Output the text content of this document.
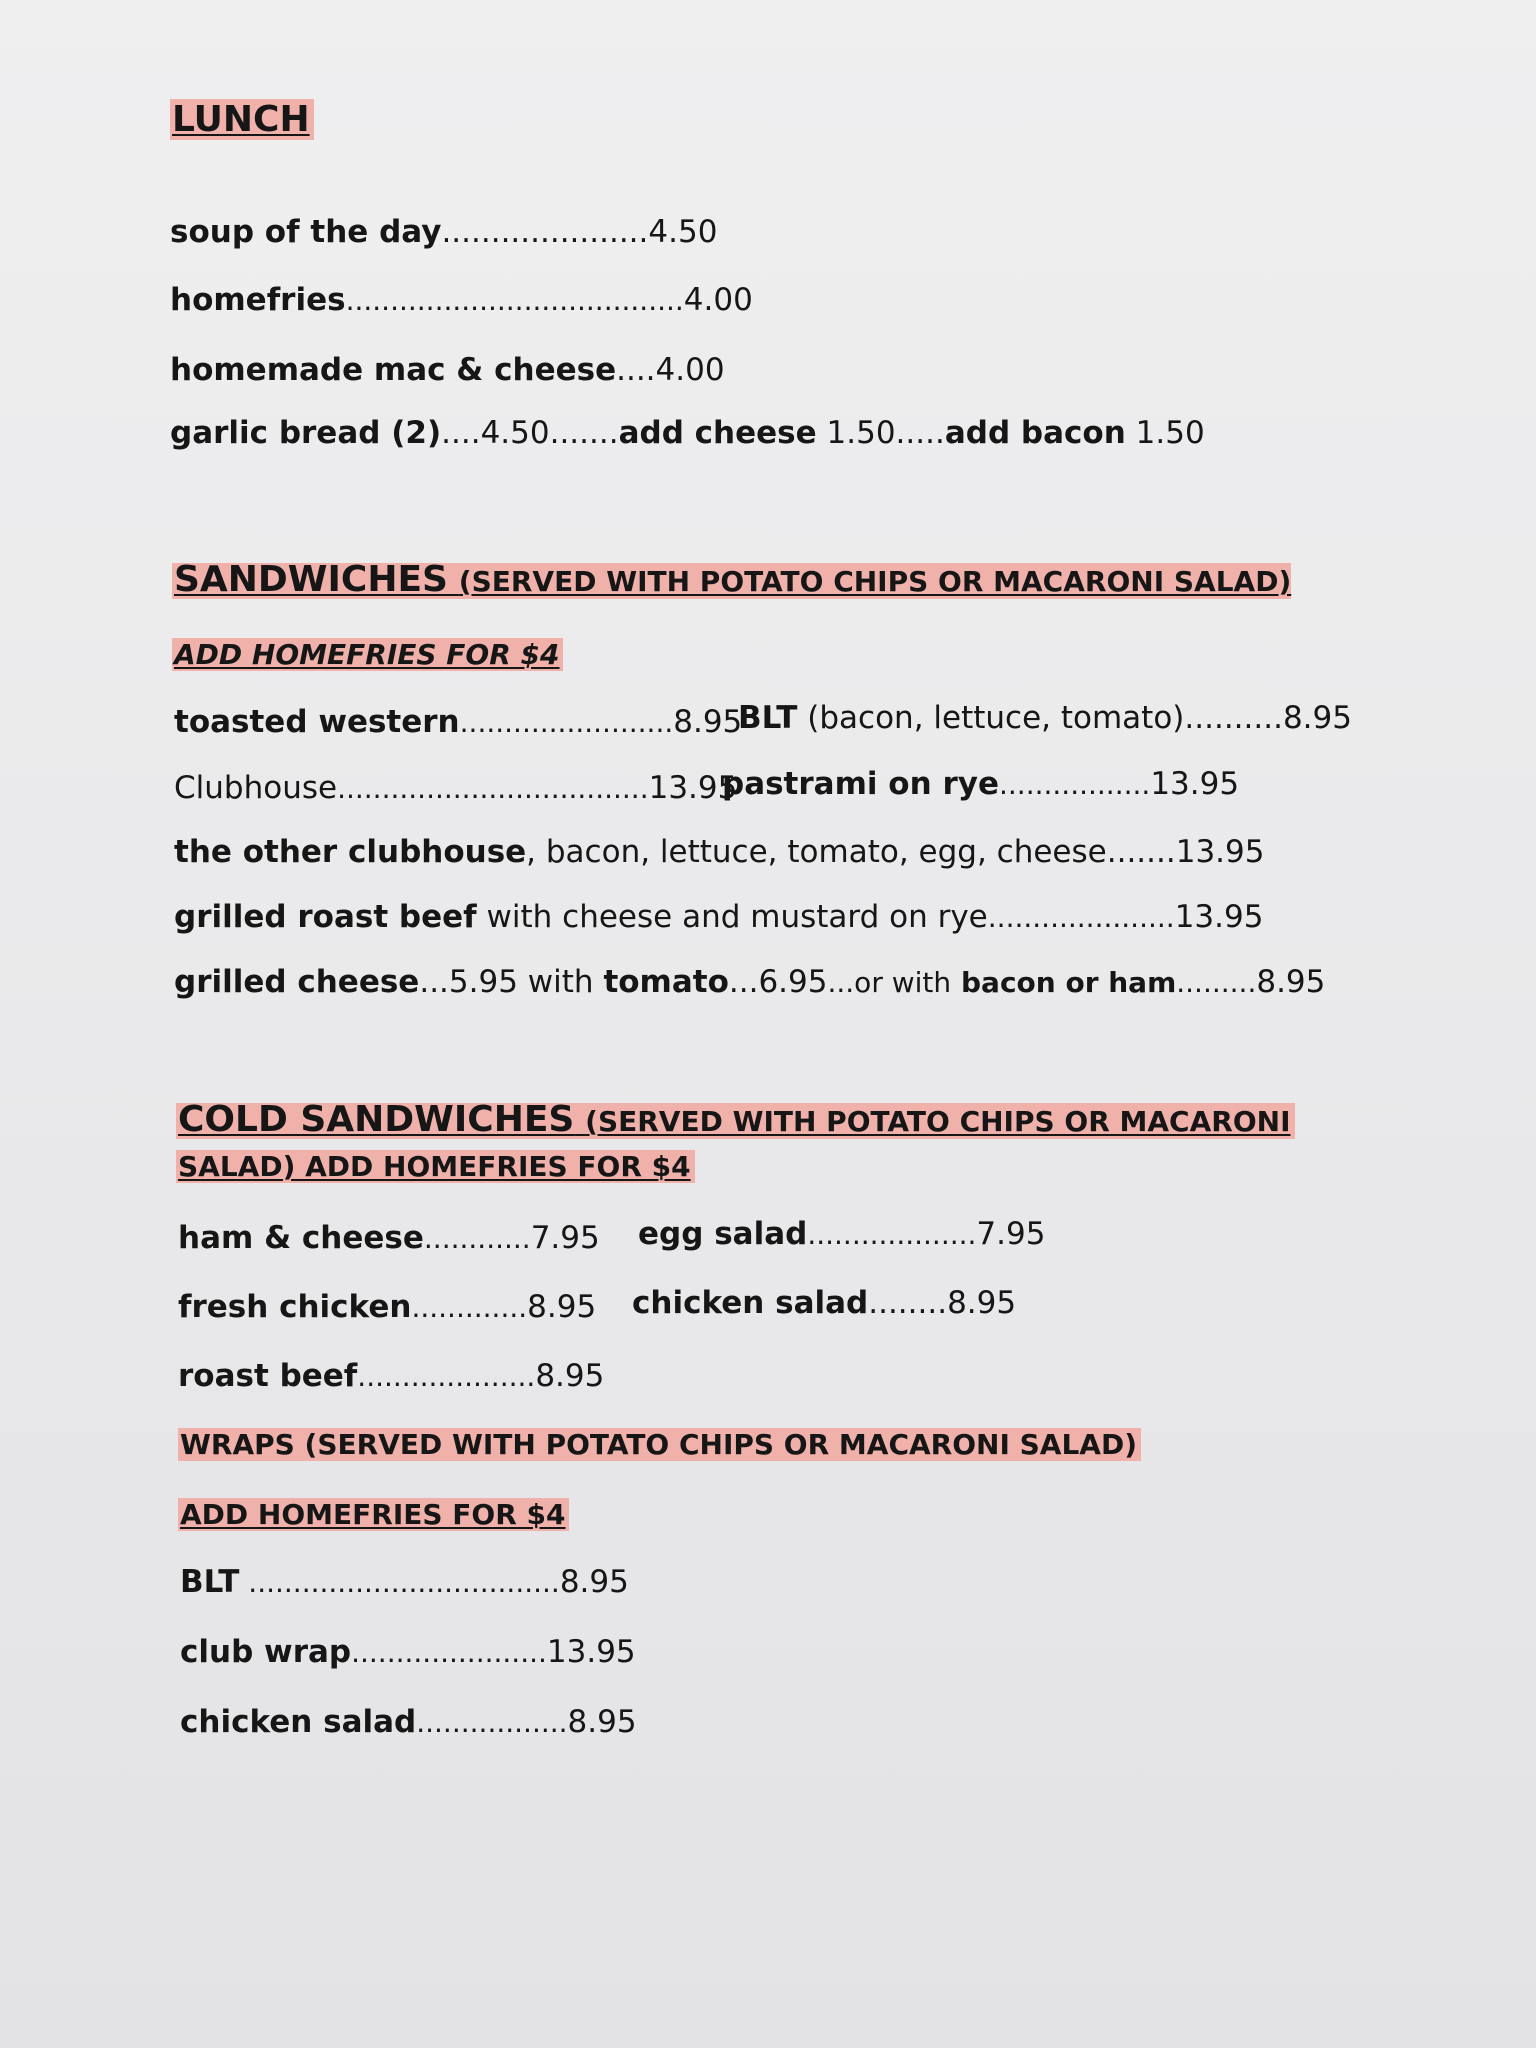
LUNCH
soup of the day.....................4.50
homefries......................................4.00
homemade mac & cheese....4.00
garlic bread (2)....4.50.......add cheese 1.50.....add bacon 1.50
SANDWICHES (SERVED WITH POTATO CHIPS OR MACARONI SALAD)
ADD HOMEFRIES FOR $4
toasted western........................8.95
BLT (bacon, lettuce, tomato)..........8.95
Clubhouse...................................13.95
pastrami on rye.................13.95
the other clubhouse, bacon, lettuce, tomato, egg, cheese.......13.95
grilled roast beef with cheese and mustard on rye.....................13.95
grilled cheese...5.95 with tomato...6.95...or with bacon or ham.........8.95
COLD SANDWICHES (SERVED WITH POTATO CHIPS OR MACARONI
SALAD) ADD HOMEFRIES FOR $4
ham & cheese............7.95 egg salad...................7.95
fresh chicken.............8.95 chicken salad........8.95
roast beef....................8.95
WRAPS (SERVED WITH POTATO CHIPS OR MACARONI SALAD)
ADD HOMEFRIES FOR $4
BLT ...................................8.95
club wrap......................13.95
chicken salad.................8.95
